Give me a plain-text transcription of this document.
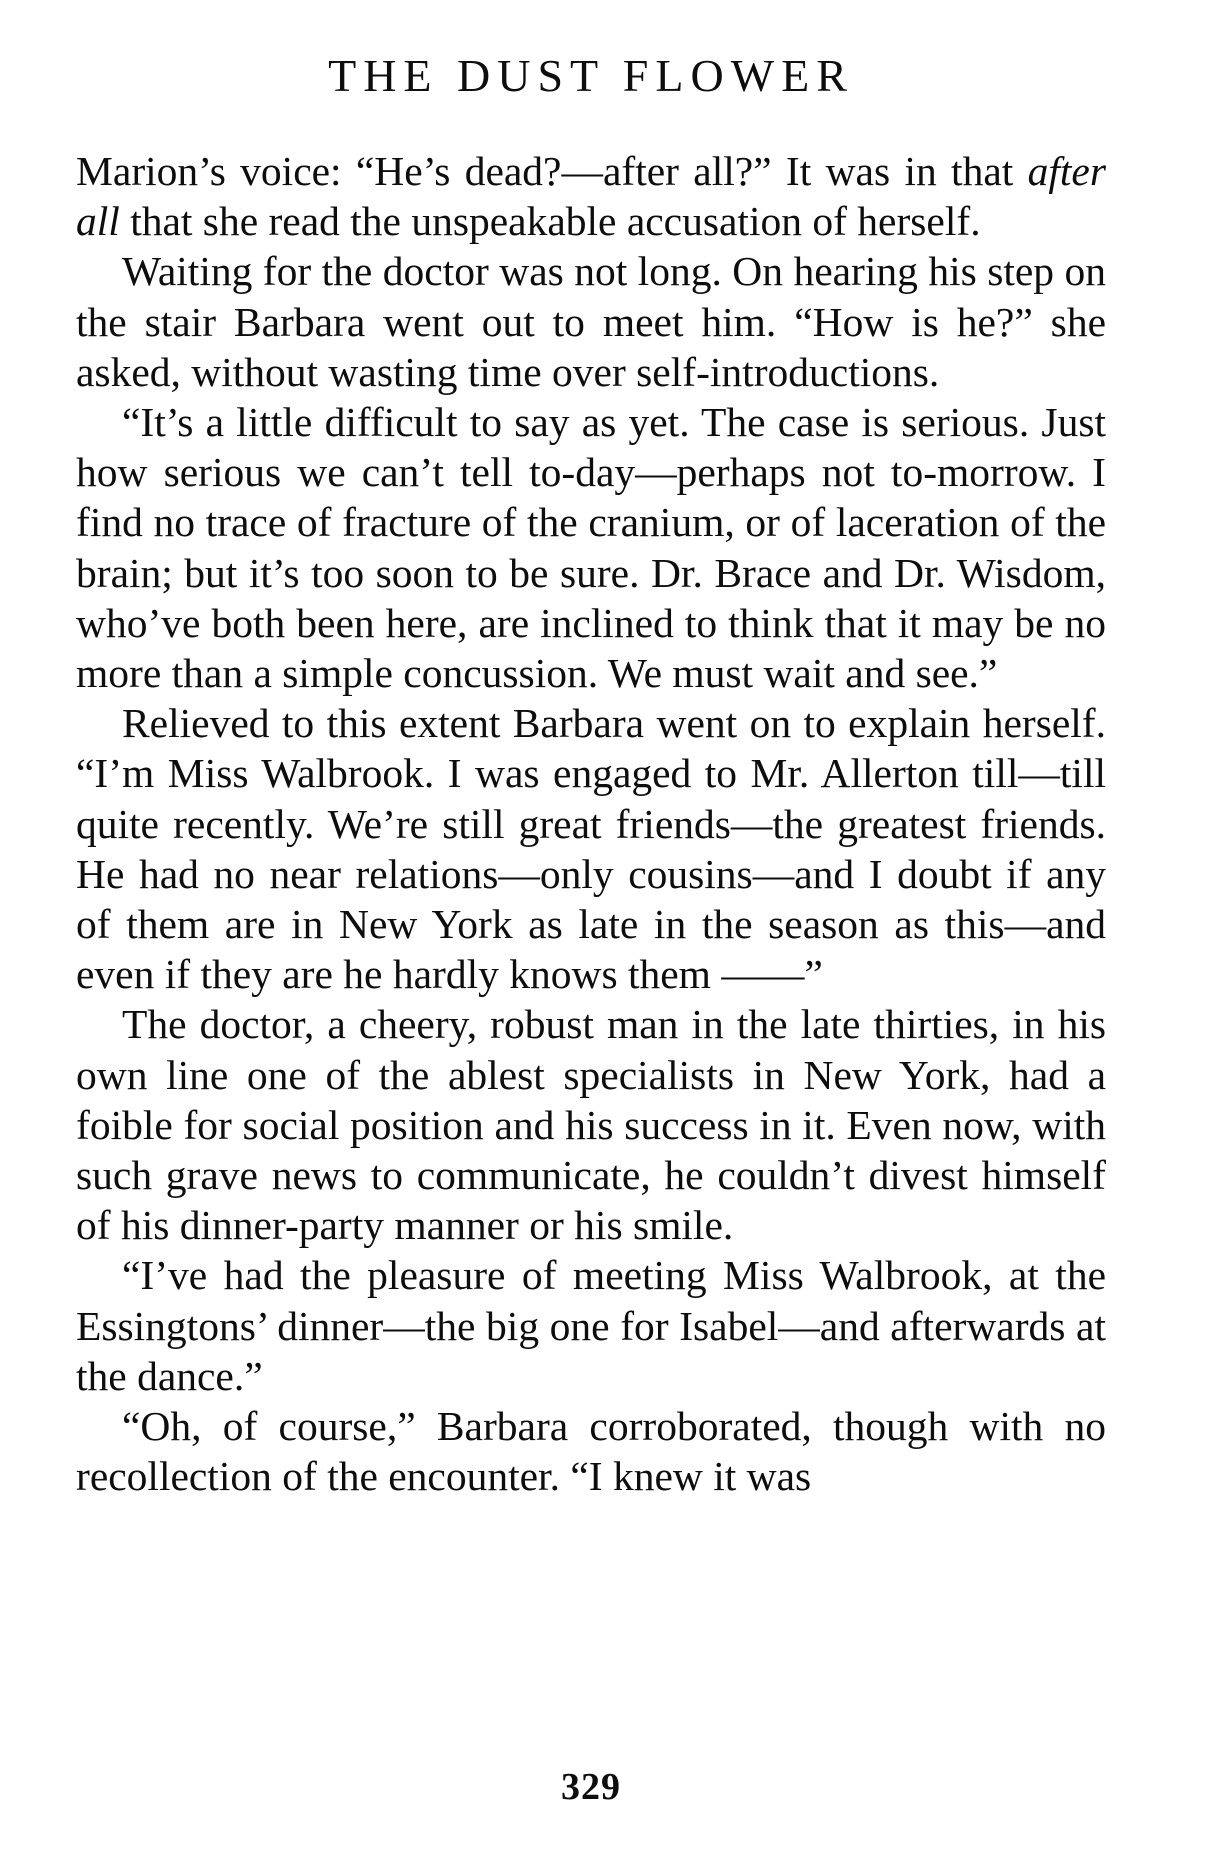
THE DUST FLOWER

Marion’s voice: “He’s dead?—after all?” It was in that after all that she read the unspeakable accusation of herself.

Waiting for the doctor was not long. On hearing his step on the stair Barbara went out to meet him. “How is he?” she asked, without wasting time over self-introductions.

“It’s a little difficult to say as yet. The case is serious. Just how serious we can’t tell to-day—perhaps not to-morrow. I find no trace of fracture of the cranium, or of laceration of the brain; but it’s too soon to be sure. Dr. Brace and Dr. Wisdom, who’ve both been here, are inclined to think that it may be no more than a simple concussion. We must wait and see.”

Relieved to this extent Barbara went on to explain herself. “I’m Miss Walbrook. I was engaged to Mr. Allerton till—till quite recently. We’re still great friends—the greatest friends. He had no near relations—only cousins—and I doubt if any of them are in New York as late in the season as this—and even if they are he hardly knows them ——”

The doctor, a cheery, robust man in the late thirties, in his own line one of the ablest specialists in New York, had a foible for social position and his success in it. Even now, with such grave news to communicate, he couldn’t divest himself of his dinner-party manner or his smile.

“I’ve had the pleasure of meeting Miss Walbrook, at the Essingtons’ dinner—the big one for Isabel—and afterwards at the dance.”

“Oh, of course,” Barbara corroborated, though with no recollection of the encounter. “I knew it was

329
